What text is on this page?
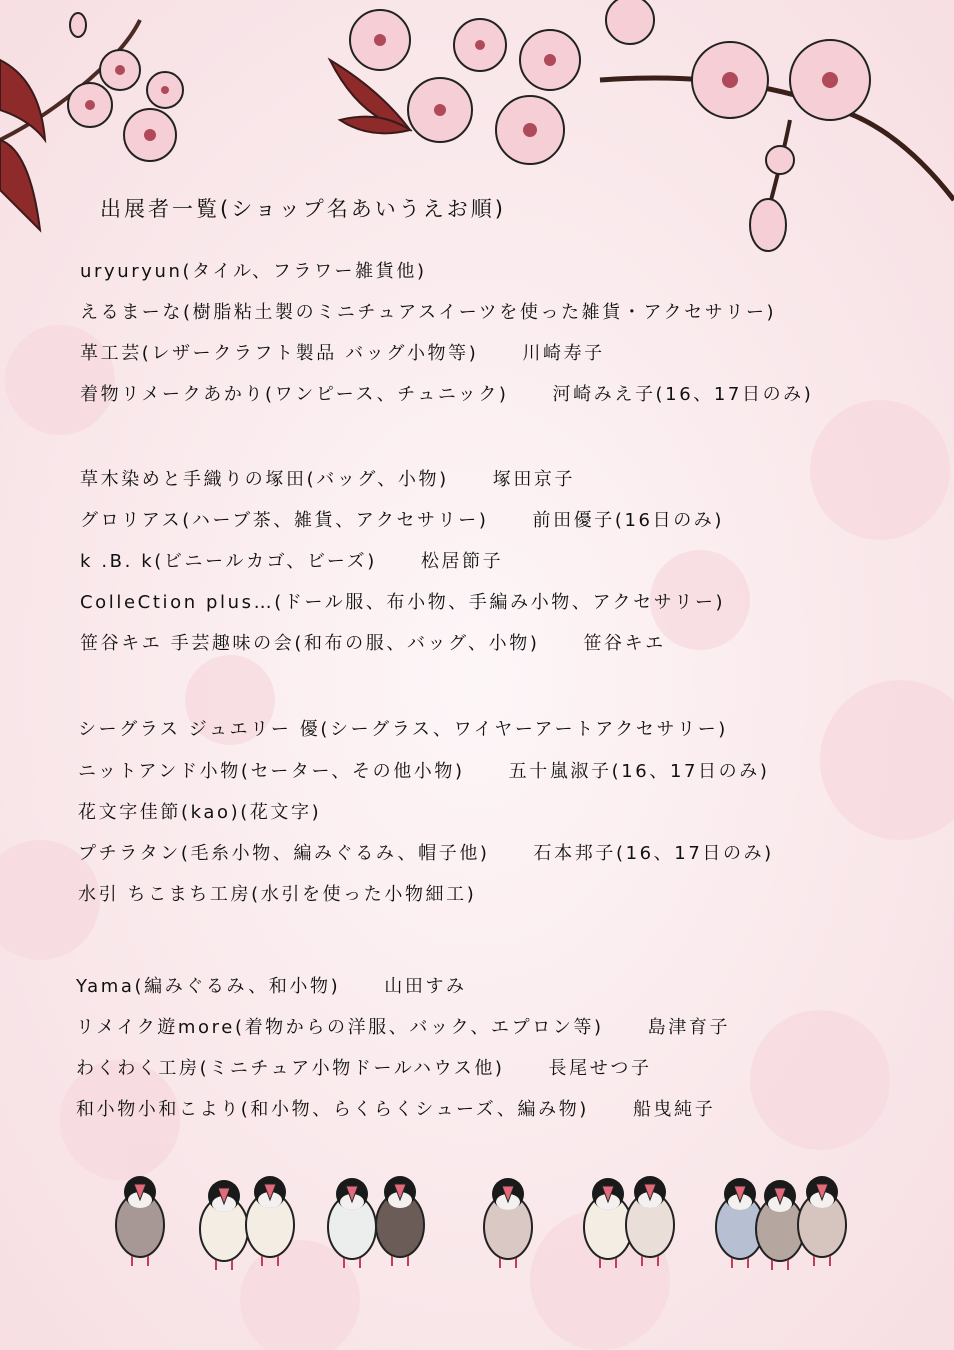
出展者一覧(ショップ名あいうえお順)
uryuryun(タイル、フラワー雑貨他)
えるまーな(樹脂粘土製のミニチュアスイーツを使った雑貨・アクセサリー)
革工芸(レザークラフト製品 バッグ小物等) 川崎寿子
着物リメークあかり(ワンピース、チュニック) 河崎みえ子(16、17日のみ)
草木染めと手織りの塚田(バッグ、小物) 塚田京子
グロリアス(ハーブ茶、雑貨、アクセサリー) 前田優子(16日のみ)
k .B. k(ビニールカゴ、ビーズ) 松居節子
ColleCtion plus…(ドール服、布小物、手編み小物、アクセサリー)
笹谷キエ 手芸趣味の会(和布の服、バッグ、小物) 笹谷キエ
シーグラス ジュエリー 優(シーグラス、ワイヤーアートアクセサリー)
ニットアンド小物(セーター、その他小物) 五十嵐淑子(16、17日のみ)
花文字佳節(kao)(花文字)
プチラタン(毛糸小物、編みぐるみ、帽子他) 石本邦子(16、17日のみ)
水引 ちこまち工房(水引を使った小物細工)
Yama(編みぐるみ、和小物) 山田すみ
リメイク遊more(着物からの洋服、バック、エプロン等) 島津育子
わくわく工房(ミニチュア小物ドールハウス他) 長尾せつ子
和小物小和こより(和小物、らくらくシューズ、編み物) 船曳純子
